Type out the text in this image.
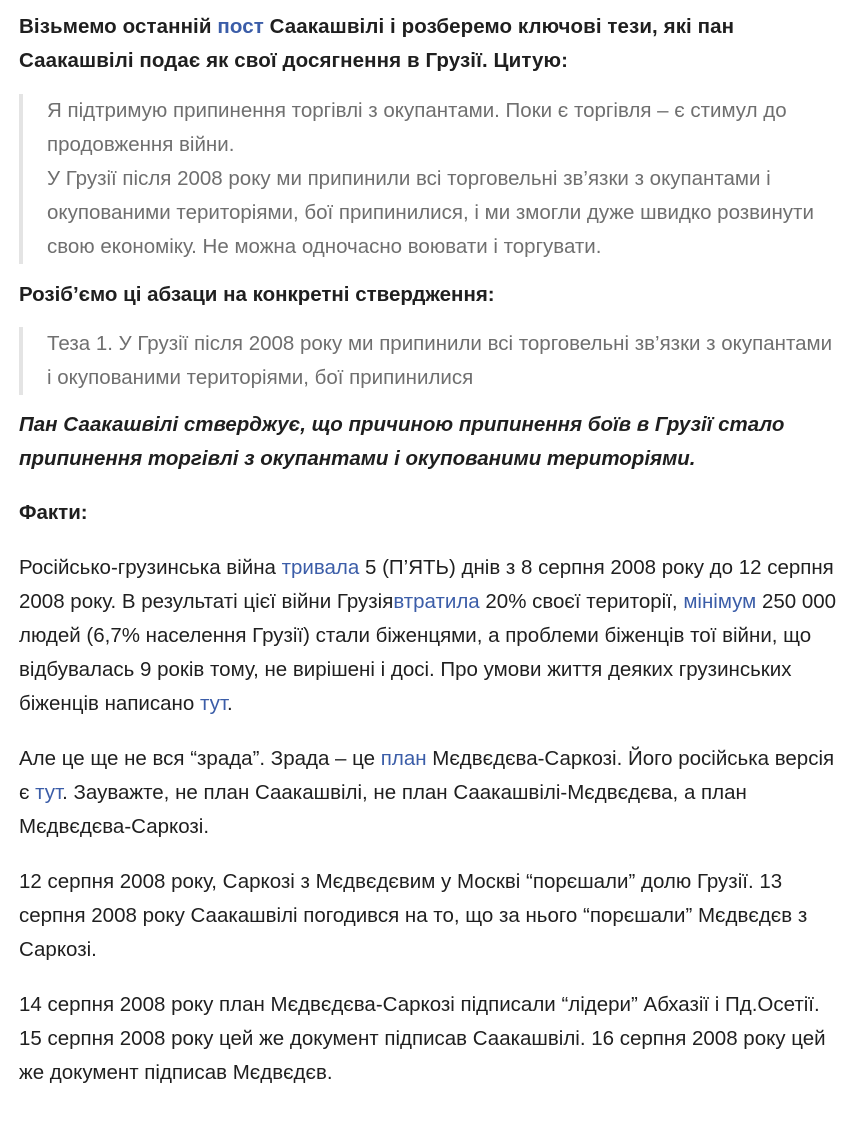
Візьмемо останній пост Саакашвілі і розберемо ключові тези, які пан Саакашвілі подає як свої досягнення в Грузії. Цитую:

Я підтримую припинення торгівлі з окупантами. Поки є торгівля – є стимул до продовження війни.

У Грузії після 2008 року ми припинили всі торговельні зв’язки з окупантами і окупованими територіями, бої припинилися, і ми змогли дуже швидко розвинути свою економіку. Не можна одночасно воювати і торгувати.

Розіб’ємо ці абзаци на конкретні ствердження:

Теза 1. У Грузії після 2008 року ми припинили всі торговельні зв’язки з окупантами і окупованими територіями, бої припинилися

Пан Саакашвілі стверджує, що причиною припинення боїв в Грузії стало припинення торгівлі з окупантами і окупованими територіями.

Факти:

Російсько-грузинська війна тривала 5 (П’ЯТЬ) днів з 8 серпня 2008 року до 12 серпня 2008 року. В результаті цієї війни Грузіявтратила 20% своєї території, мінімум 250 000 людей (6,7% населення Грузії) стали біженцями, а проблеми біженців тої війни, що відбувалась 9 років тому, не вирішені і досі. Про умови життя деяких грузинських біженців написано тут.

Але це ще не вся “зрада”. Зрада – це план Мєдвєдєва-Саркозі. Його російська версія є тут. Зауважте, не план Саакашвілі, не план Саакашвілі-Мєдвєдєва, а план Мєдвєдєва-Саркозі.

12 серпня 2008 року, Саркозі з Мєдвєдєвим у Москві “порєшали” долю Грузії. 13 серпня 2008 року Саакашвілі погодився на то, що за нього “порєшали” Мєдвєдєв з Саркозі.

14 серпня 2008 року план Мєдвєдєва-Саркозі підписали “лідери” Абхазії і Пд.Осетії. 15 серпня 2008 року цей же документ підписав Саакашвілі. 16 серпня 2008 року цей же документ підписав Мєдвєдєв.
